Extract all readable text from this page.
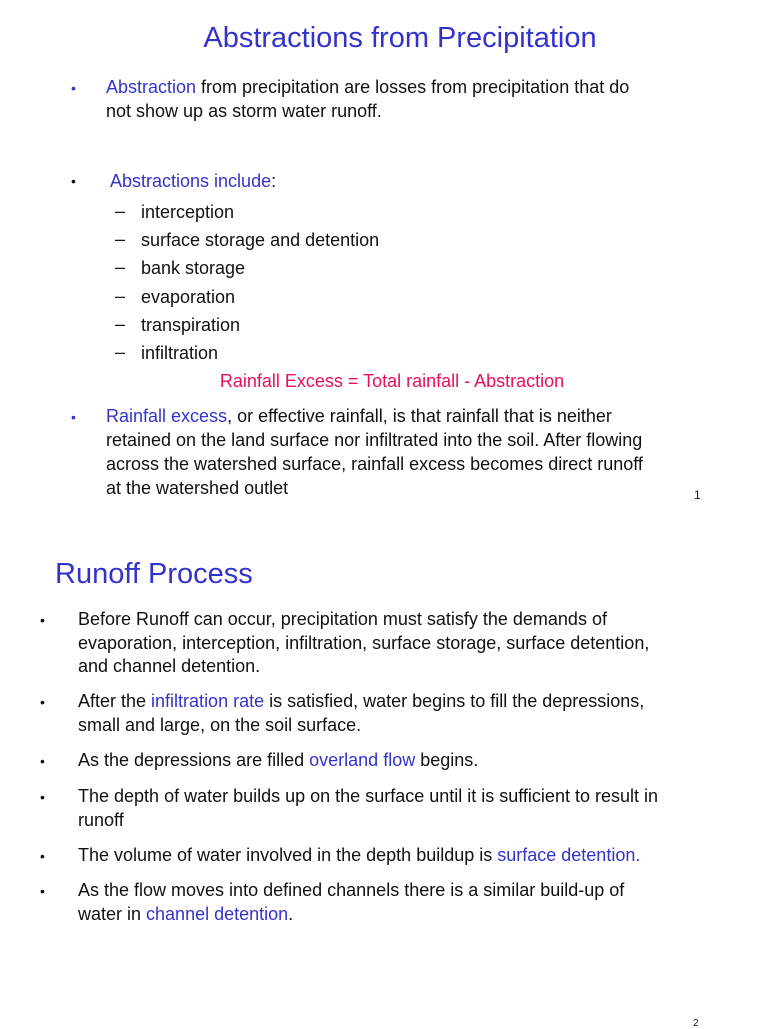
Abstractions from Precipitation
• Abstraction from precipitation are losses from precipitation that do
not show up as storm water runoff.
• Abstractions include:
– interception
– surface storage and detention
– bank storage
– evaporation
– transpiration
– infiltration
Rainfall Excess = Total rainfall - Abstraction
• Rainfall excess, or effective rainfall, is that rainfall that is neither
retained on the land surface nor infiltrated into the soil. After flowing
across the watershed surface, rainfall excess becomes direct runoff
at the watershed outlet	1
Runoff Process
• Before Runoff can occur, precipitation must satisfy the demands of
evaporation, interception, infiltration, surface storage, surface detention,
and channel detention.
• After the infiltration rate is satisfied, water begins to fill the depressions,
small and large, on the soil surface.
• As the depressions are filled overland flow begins.
• The depth of water builds up on the surface until it is sufficient to result in
runoff
• The volume of water involved in the depth buildup is surface detention.
• As the flow moves into defined channels there is a similar build-up of
water in channel detention.
2
